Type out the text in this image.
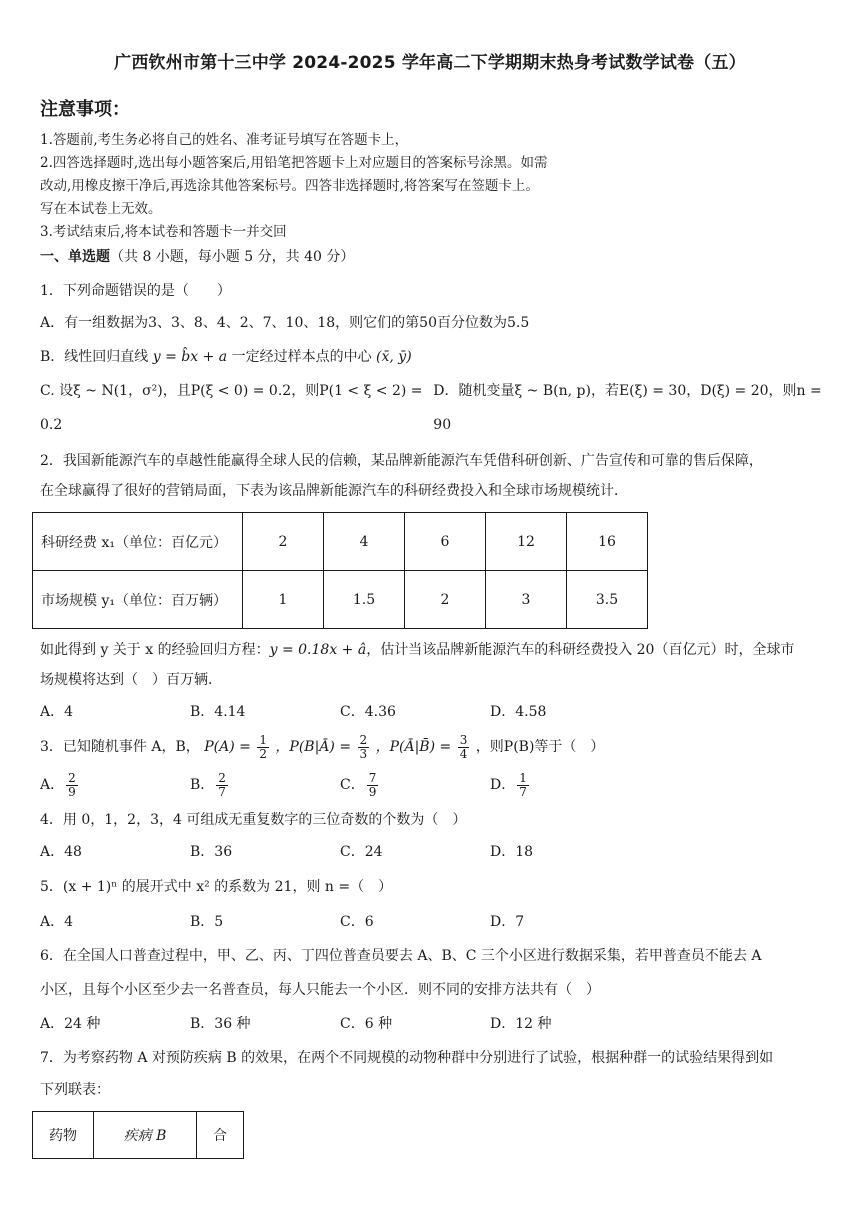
广西钦州市第十三中学 2024-2025 学年高二下学期期末热身考试数学试卷（五）
注意事项：

1.答题前,考生务必将自己的姓名、准考证号填写在答题卡上，

2.四答选择题时,选出每小题答案后,用铅笔把答题卡上对应题目的答案标号涂黑。如需

改动,用橡皮擦干净后,再选涂其他答案标号。四答非选择题时,将答案写在签题卡上。

写在本试卷上无效。

3.考试结束后,将本试卷和答题卡一并交回

一、单选题（共 8 小题，每小题 5 分，共 40 分）
1．下列命题错误的是（　　）
A．有一组数据为3、3、8、4、2、7、10、18，则它们的第50百分位数为5.5
B．线性回归直线 y = b̂x + a 一定经过样本点的中心 (x̄, ȳ)
C. 设ξ ~ N(1，σ²)，且P(ξ < 0) = 0.2，则P(1 < ξ < 2) = 0.2
D．随机变量ξ ~ B(n, p)，若E(ξ) = 30，D(ξ) = 20，则n = 90
2．我国新能源汽车的卓越性能赢得全球人民的信赖，某品牌新能源汽车凭借科研创新、广告宣传和可靠的售后保障，
在全球赢得了很好的营销局面，下表为该品牌新能源汽车的科研经费投入和全球市场规模统计．
科研经费 x₁（单位：百亿元）	2	4	6	12	16
市场规模 y₁（单位：百万辆）	1	1.5	2	3	3.5
如此得到 y 关于 x 的经验回归方程：y = 0.18x + â，估计当该品牌新能源汽车的科研经费投入 20（百亿元）时，全球市
场规模将达到（　）百万辆．
A．4	B．4.14	C．4.36	D．4.58
3．已知随机事件 A，B， $P(A) = \frac{1}{2}$ ，P(B|Ā) = $\frac{2}{3}$ ，P(Ā|B̄) = $\frac{3}{4}$ ，则P(B)等于（　）
A． $\frac{2}{9}$	B． $\frac{2}{7}$	C． $\frac{7}{9}$	D． $\frac{1}{7}$
4．用 0，1，2，3，4 可组成无重复数字的三位奇数的个数为（　）
A．48	B．36	C．24	D．18
5．(x + 1)ⁿ 的展开式中 x² 的系数为 21，则 n =（　）
A．4	B．5	C．6	D．7
6．在全国人口普查过程中，甲、乙、丙、丁四位普查员要去 A、B、C 三个小区进行数据采集，若甲普查员不能去 A
小区，且每个小区至少去一名普查员，每人只能去一个小区．则不同的安排方法共有（　）
A．24 种	B．36 种	C．6 种	D．12 种
7．为考察药物 A 对预防疾病 B 的效果，在两个不同规模的动物种群中分别进行了试验，根据种群一的试验结果得到如
下列联表：
药物	疾病 B	合
